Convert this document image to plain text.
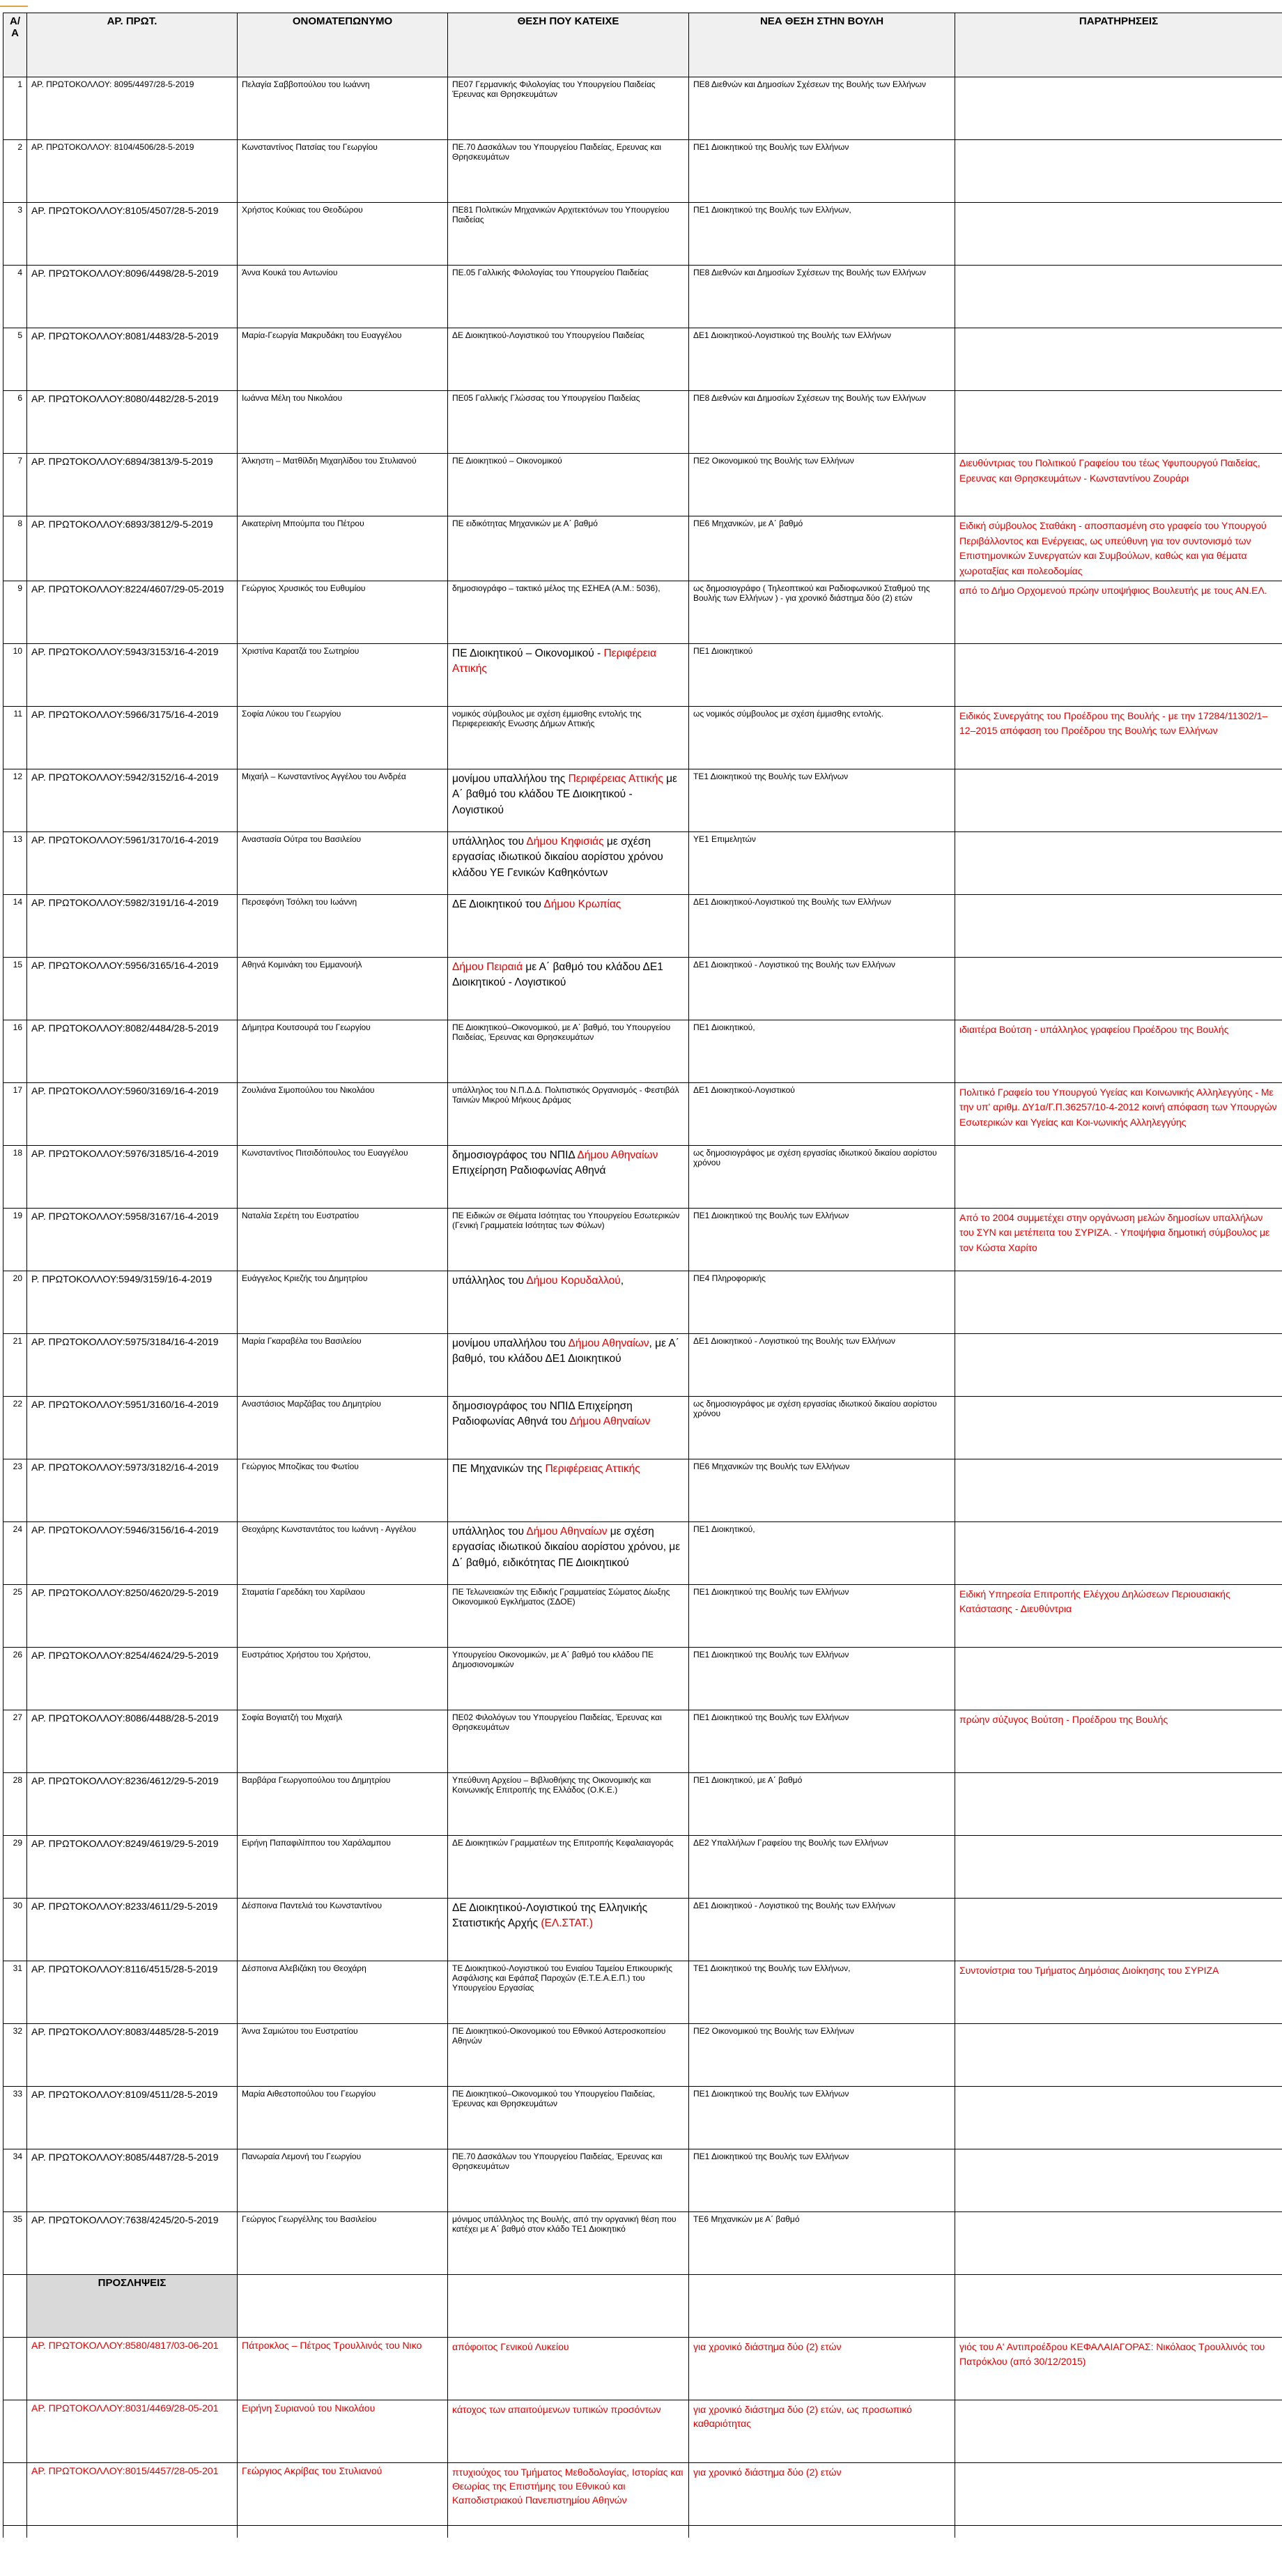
Α/Α	ΑΡ. ΠΡΩΤ.	ΟΝΟΜΑΤΕΠΩΝΥΜΟ	ΘΕΣΗ ΠΟΥ ΚΑΤΕΙΧΕ	ΝΕΑ ΘΕΣΗ ΣΤΗΝ ΒΟΥΛΗ	ΠΑΡΑΤΗΡΗΣΕΙΣ
1	ΑΡ. ΠΡΩΤΟΚΟΛΛΟΥ: 8095/4497/28-5-2019	Πελαγία Σαββοπούλου του Ιωάννη	ΠΕ07 Γερμανικής Φιλολογίας του Υπουργείου Παιδείας Έρευνας και Θρησκευμάτων	ΠΕ8 Διεθνών και Δημοσίων Σχέσεων της Βουλής των Ελλήνων	
2	ΑΡ. ΠΡΩΤΟΚΟΛΛΟΥ: 8104/4506/28-5-2019	Κωνσταντίνος Πατσίας του Γεωργίου	ΠΕ.70 Δασκάλων του Υπουργείου Παιδείας, Ερευνας και Θρησκευμάτων	ΠΕ1 Διοικητικού της Βουλής των Ελλήνων	
3	ΑΡ. ΠΡΩΤΟΚΟΛΛΟΥ:8105/4507/28-5-2019	Χρήστος Κούκιας του Θεοδώρου	ΠΕ81 Πολιτικών Μηχανικών Αρχιτεκτόνων του Υπουργείου Παιδείας	ΠΕ1 Διοικητικού της Βουλής των Ελλήνων,	
4	ΑΡ. ΠΡΩΤΟΚΟΛΛΟΥ:8096/4498/28-5-2019	Άννα Κουκά του Αντωνίου	ΠΕ.05 Γαλλικής Φιλολογίας του Υπουργείου Παιδείας	ΠΕ8 Διεθνών και Δημοσίων Σχέσεων της Βουλής των Ελλήνων	
5	ΑΡ. ΠΡΩΤΟΚΟΛΛΟΥ:8081/4483/28-5-2019	Μαρία-Γεωργία Μακρυδάκη του Ευαγγέλου	ΔΕ Διοικητικού-Λογιστικού του Υπουργείου Παιδείας	ΔΕ1 Διοικητικού-Λογιστικού της Βουλής των Ελλήνων	
6	ΑΡ. ΠΡΩΤΟΚΟΛΛΟΥ:8080/4482/28-5-2019	Ιωάννα Μέλη του Νικολάου	ΠΕ05 Γαλλικής Γλώσσας του Υπουργείου Παιδείας	ΠΕ8 Διεθνών και Δημοσίων Σχέσεων της Βουλής των Ελλήνων	
7	ΑΡ. ΠΡΩΤΟΚΟΛΛΟΥ:6894/3813/9-5-2019	Άλκηστη – Ματθίλδη Μιχαηλίδου του Στυλιανού	ΠΕ Διοικητικού – Οικονομικού	ΠΕ2 Οικονομικού της Βουλής των Ελλήνων	Διευθύντριας του Πολιτικού Γραφείου του τέως Υφυπουργού Παιδείας, Ερευνας και Θρησκευμάτων - Κωνσταντίνου Ζουράρι
8	ΑΡ. ΠΡΩΤΟΚΟΛΛΟΥ:6893/3812/9-5-2019	Αικατερίνη Μπούμπα του Πέτρου	ΠΕ ειδικότητας Μηχανικών με Α΄ βαθμό	ΠΕ6 Μηχανικών, με Α΄ βαθμό	Ειδική σύμβουλος Σταθάκη - αποσπασμένη στο γραφείο του Υπουργού Περιβάλλοντος και Ενέργειας, ως υπεύθυνη για τον συντονισμό των Επιστημονικών Συνεργατών και Συμβούλων, καθώς και για θέματα χωροταξίας και πολεοδομίας
9	ΑΡ. ΠΡΩΤΟΚΟΛΛΟΥ:8224/4607/29-05-2019	Γεώργιος Χρυσικός του Ευθυμίου	δημοσιογράφο – τακτικό μέλος της ΕΣΗΕΑ (Α.Μ.: 5036),	ως δημοσιογράφο ( Τηλεοπτικού και Ραδιοφωνικού Σταθμού της Βουλής των Ελλήνων ) - για χρονικό διάστημα δύο (2) ετών	από το Δήμο Ορχομενού πρώην υποψήφιος Βουλευτής με τους ΑΝ.ΕΛ.
10	ΑΡ. ΠΡΩΤΟΚΟΛΛΟΥ:5943/3153/16-4-2019	Χριστίνα Καρατζά του Σωτηρίου	ΠΕ Διοικητικού – Οικονομικού - Περιφέρεια Αττικής	ΠΕ1 Διοικητικού	
11	ΑΡ. ΠΡΩΤΟΚΟΛΛΟΥ:5966/3175/16-4-2019	Σοφία Λύκου του Γεωργίου	νομικός σύμβουλος με σχέση έμμισθης εντολής της Περιφερειακής Ενωσης Δήμων Αττικής	ως νομικός σύμβουλος με σχέση έμμισθης εντολής.	Ειδικός Συνεργάτης του Προέδρου της Βουλής - με την 17284/11302/1–12–2015 απόφαση του Προέδρου της Βουλής των Ελλήνων
12	ΑΡ. ΠΡΩΤΟΚΟΛΛΟΥ:5942/3152/16-4-2019	Μιχαήλ – Κωνσταντίνος Αγγέλου του Ανδρέα	μονίμου υπαλλήλου της Περιφέρειας Αττικής με Α΄ βαθμό του κλάδου ΤΕ Διοικητικού - Λογιστικού	ΤΕ1 Διοικητικού της Βουλής των Ελλήνων	
13	ΑΡ. ΠΡΩΤΟΚΟΛΛΟΥ:5961/3170/16-4-2019	Αναστασία Ούτρα του Βασιλείου	υπάλληλος του Δήμου Κηφισιάς με σχέση εργασίας ιδιωτικού δικαίου αορίστου χρόνου κλάδου ΥΕ Γενικών Καθηκόντων	ΥΕ1 Επιμελητών	
14	ΑΡ. ΠΡΩΤΟΚΟΛΛΟΥ:5982/3191/16-4-2019	Περσεφόνη Τσόλκη του Ιωάννη	ΔΕ Διοικητικού του Δήμου Κρωπίας	ΔΕ1 Διοικητικού-Λογιστικού της Βουλής των Ελλήνων	
15	ΑΡ. ΠΡΩΤΟΚΟΛΛΟΥ:5956/3165/16-4-2019	Αθηνά Κομινάκη του Εμμανουήλ	Δήμου Πειραιά με Α΄ βαθμό του κλάδου ΔΕ1 Διοικητικού - Λογιστικού	ΔΕ1 Διοικητικού - Λογιστικού της Βουλής των Ελλήνων	
16	ΑΡ. ΠΡΩΤΟΚΟΛΛΟΥ:8082/4484/28-5-2019	Δήμητρα Κουτσουρά του Γεωργίου	ΠΕ Διοικητικού–Οικονομικού, με Α΄ βαθμό, του Υπουργείου Παιδείας, Έρευνας και Θρησκευμάτων	ΠΕ1 Διοικητικού,	ιδιαιτέρα Βούτση - υπάλληλος γραφείου Προέδρου της Βουλής
17	ΑΡ. ΠΡΩΤΟΚΟΛΛΟΥ:5960/3169/16-4-2019	Ζουλιάνα Σιμοπούλου του Νικολάου	υπάλληλος του Ν.Π.Δ.Δ. Πολιτιστικός Οργανισμός - Φεστιβάλ Ταινιών Μικρού Μήκους Δράμας	ΔΕ1 Διοικητικού-Λογιστικού	Πολιτικό Γραφείο του Υπουργού Υγείας και Κοινωνικής Αλληλεγγύης - Με την υπ' αριθμ. ΔΥ1α/Γ.Π.36257/10-4-2012 κοινή απόφαση των Υπουργών Εσωτερικών και Υγείας και Κοι-νωνικής Αλληλεγγύης
18	ΑΡ. ΠΡΩΤΟΚΟΛΛΟΥ:5976/3185/16-4-2019	Κωνσταντίνος Πιτσιδόπουλος του Ευαγγέλου	δημοσιογράφος του ΝΠΙΔ Δήμου Αθηναίων Επιχείρηση Ραδιοφωνίας Αθηνά	ως δημοσιογράφος με σχέση εργασίας ιδιωτικού δικαίου αορίστου χρόνου	
19	ΑΡ. ΠΡΩΤΟΚΟΛΛΟΥ:5958/3167/16-4-2019	Ναταλία Σερέτη του Ευστρατίου	ΠΕ Ειδικών σε Θέματα Ισότητας του Υπουργείου Εσωτερικών (Γενική Γραμματεία Ισότητας των Φύλων)	ΠΕ1 Διοικητικού της Βουλής των Ελλήνων	Από το 2004 συμμετέχει στην οργάνωση μελών δημοσίων υπαλλήλων του ΣΥΝ και μετέπειτα του ΣΥΡΙΖΑ. - Υποψήφια δημοτική σύμβουλος με τον Κώστα Χαρίτο
20	Ρ. ΠΡΩΤΟΚΟΛΛΟΥ:5949/3159/16-4-2019	Ευάγγελος Κριεζής του Δημητρίου	υπάλληλος του Δήμου Κορυδαλλού,	ΠΕ4 Πληροφορικής	
21	ΑΡ. ΠΡΩΤΟΚΟΛΛΟΥ:5975/3184/16-4-2019	Μαρία Γκαραβέλα του Βασιλείου	μονίμου υπαλλήλου του Δήμου Αθηναίων, με Α΄ βαθμό, του κλάδου ΔΕ1 Διοικητικού	ΔΕ1 Διοικητικού - Λογιστικού της Βουλής των Ελλήνων	
22	ΑΡ. ΠΡΩΤΟΚΟΛΛΟΥ:5951/3160/16-4-2019	Αναστάσιος Μαρζάβας του Δημητρίου	δημοσιογράφος του ΝΠΙΔ Επιχείρηση Ραδιοφωνίας Αθηνά του Δήμου Αθηναίων	ως δημοσιογράφος με σχέση εργασίας ιδιωτικού δικαίου αορίστου χρόνου	
23	ΑΡ. ΠΡΩΤΟΚΟΛΛΟΥ:5973/3182/16-4-2019	Γεώργιος Μποζίκας του Φωτίου	ΠΕ Μηχανικών της Περιφέρειας Αττικής	ΠΕ6 Μηχανικών της Βουλής των Ελλήνων	
24	ΑΡ. ΠΡΩΤΟΚΟΛΛΟΥ:5946/3156/16-4-2019	Θεοχάρης Κωνσταντάτος του Ιωάννη - Αγγέλου	υπάλληλος του Δήμου Αθηναίων με σχέση εργασίας ιδιωτικού δικαίου αορίστου χρόνου, με Δ΄ βαθμό, ειδικότητας ΠΕ Διοικητικού	ΠΕ1 Διοικητικού,	
25	ΑΡ. ΠΡΩΤΟΚΟΛΛΟΥ:8250/4620/29-5-2019	Σταματία Γαρεδάκη του Χαρίλαου	ΠΕ Τελωνειακών της Ειδικής Γραμματείας Σώματος Δίωξης Οικονομικού Εγκλήματος (ΣΔΟΕ)	ΠΕ1 Διοικητικού της Βουλής των Ελλήνων	Ειδική Υπηρεσία Επιτροπής Ελέγχου Δηλώσεων Περιουσιακής Κατάστασης - Διευθύντρια
26	ΑΡ. ΠΡΩΤΟΚΟΛΛΟΥ:8254/4624/29-5-2019	Ευστράτιος Χρήστου του Χρήστου,	Υπουργείου Οικονομικών, με Α΄ βαθμό του κλάδου ΠΕ Δημοσιονομικών	ΠΕ1 Διοικητικού της Βουλής των Ελλήνων	
27	ΑΡ. ΠΡΩΤΟΚΟΛΛΟΥ:8086/4488/28-5-2019	Σοφία Βογιατζή του Μιχαήλ	ΠΕ02 Φιλολόγων του Υπουργείου Παιδείας, Έρευνας και Θρησκευμάτων	ΠΕ1 Διοικητικού της Βουλής των Ελλήνων	πρώην σύζυγος Βούτση - Προέδρου της Βουλής
28	ΑΡ. ΠΡΩΤΟΚΟΛΛΟΥ:8236/4612/29-5-2019	Βαρβάρα Γεωργοπούλου του Δημητρίου	Υπεύθυνη Αρχείου – Βιβλιοθήκης της Οικονομικής και Κοινωνικής Επιτροπής της Ελλάδος (Ο.Κ.Ε.)	ΠΕ1 Διοικητικού, με Α΄ βαθμό	
29	ΑΡ. ΠΡΩΤΟΚΟΛΛΟΥ:8249/4619/29-5-2019	Ειρήνη Παπαφιλίππου του Χαράλαμπου	ΔΕ Διοικητικών Γραμματέων της Επιτροπής Κεφαλαιαγοράς	ΔΕ2 Υπαλλήλων Γραφείου της Βουλής των Ελλήνων	
30	ΑΡ. ΠΡΩΤΟΚΟΛΛΟΥ:8233/4611/29-5-2019	Δέσποινα Παντελιά του Κωνσταντίνου	ΔΕ Διοικητικού-Λογιστικού της Ελληνικής Στατιστικής Αρχής (ΕΛ.ΣΤΑΤ.)	ΔΕ1 Διοικητικού - Λογιστικού της Βουλής των Ελλήνων	
31	ΑΡ. ΠΡΩΤΟΚΟΛΛΟΥ:8116/4515/28-5-2019	Δέσποινα Αλεβιζάκη του Θεοχάρη	ΤΕ Διοικητικού-Λογιστικού του Ενιαίου Ταμείου Επικουρικής Ασφάλισης και Εφάπαξ Παροχών (Ε.Τ.Ε.Α.Ε.Π.) του Υπουργείου Εργασίας	ΤΕ1 Διοικητικού της Βουλής των Ελλήνων,	Συντονίστρια του Τμήματος Δημόσιας Διοίκησης του ΣΥΡΙΖΑ
32	ΑΡ. ΠΡΩΤΟΚΟΛΛΟΥ:8083/4485/28-5-2019	Άννα Σαμιώτου του Ευστρατίου	ΠΕ Διοικητικού-Οικονομικού του Εθνικού Αστεροσκοπείου Αθηνών	ΠΕ2 Οικονομικού της Βουλής των Ελλήνων	
33	ΑΡ. ΠΡΩΤΟΚΟΛΛΟΥ:8109/4511/28-5-2019	Μαρία Αιθεστοπούλου του Γεωργίου	ΠΕ Διοικητικού–Οικονομικού του Υπουργείου Παιδείας, Έρευνας και Θρησκευμάτων	ΠΕ1 Διοικητικού της Βουλής των Ελλήνων	
34	ΑΡ. ΠΡΩΤΟΚΟΛΛΟΥ:8085/4487/28-5-2019	Πανωραία Λεμονή του Γεωργίου	ΠΕ.70 Δασκάλων του Υπουργείου Παιδείας, Έρευνας και Θρησκευμάτων	ΠΕ1 Διοικητικού της Βουλής των Ελλήνων	
35	ΑΡ. ΠΡΩΤΟΚΟΛΛΟΥ:7638/4245/20-5-2019	Γεώργιος Γεωργέλλης του Βασιλείου	μόνιμος υπάλληλος της Βουλής, από την οργανική θέση που κατέχει με Α΄ βαθμό στον κλάδο ΤΕ1 Διοικητικό	ΤΕ6 Μηχανικών με Α΄ βαθμό	
	ΠΡΟΣΛΗΨΕΙΣ				
	ΑΡ. ΠΡΩΤΟΚΟΛΛΟΥ:8580/4817/03-06-201	Πάτροκλος – Πέτρος Τρουλλινός του Νικο	απόφοιτος Γενικού Λυκείου	για χρονικό διάστημα δύο (2) ετών	γιός του Α' Αντιπροέδρου ΚΕΦΑΛΑΙΑΓΟΡΑΣ: Νικόλαος Τρουλλινός του Πατρόκλου (από 30/12/2015)
	ΑΡ. ΠΡΩΤΟΚΟΛΛΟΥ:8031/4469/28-05-201	Ειρήνη Συριανού του Νικολάου	κάτοχος των απαιτούμενων τυπικών προσόντων	για χρονικό διάστημα δύο (2) ετών, ως προσωπικό καθαριότητας	
	ΑΡ. ΠΡΩΤΟΚΟΛΛΟΥ:8015/4457/28-05-201	Γεώργιος Ακρίβας του Στυλιανού	πτυχιούχος του Τμήματος Μεθοδολογίας, Ιστορίας και Θεωρίας της Επιστήμης του Εθνικού και Καποδιστριακού Πανεπιστημίου Αθηνών	για χρονικό διάστημα δύο (2) ετών	
